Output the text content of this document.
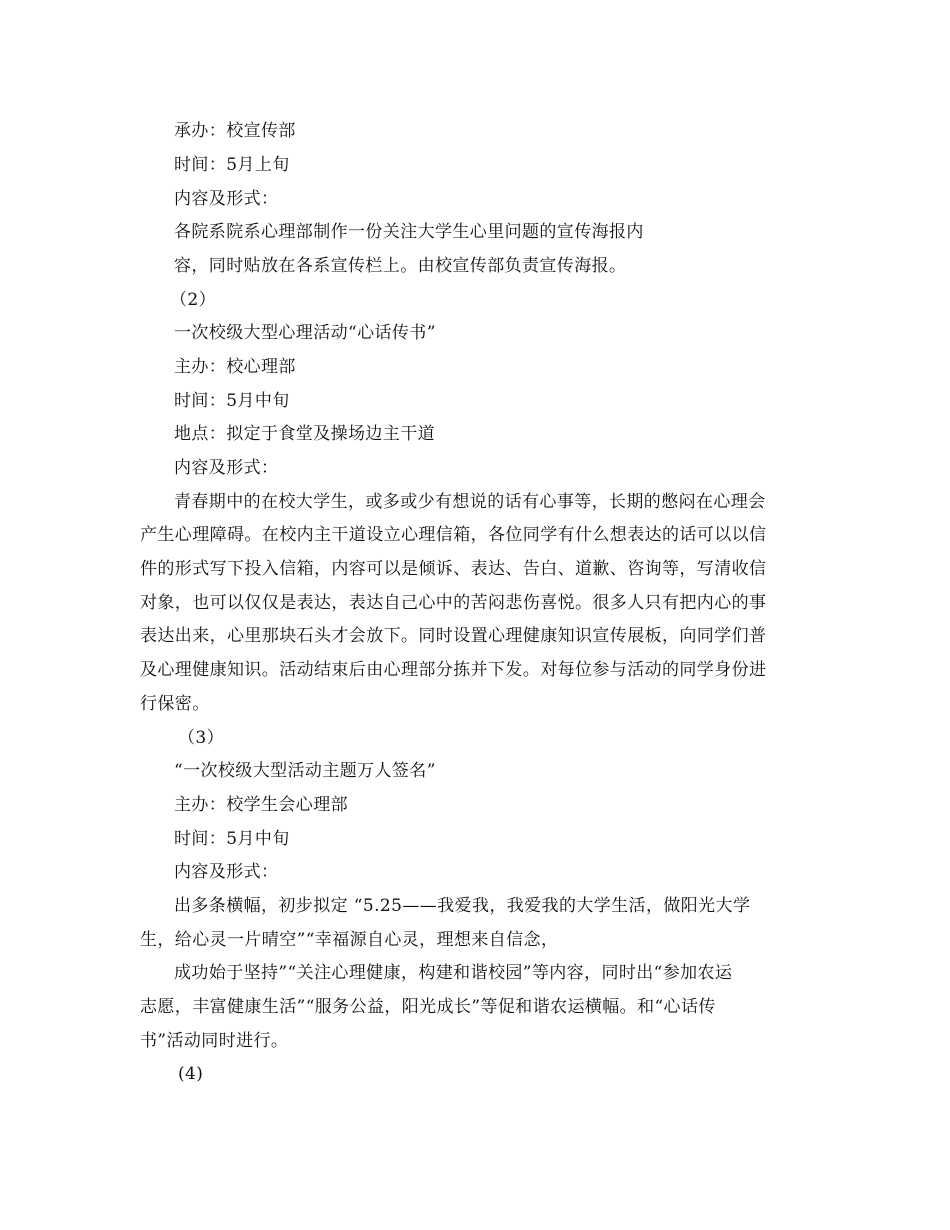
承办：校宣传部
时间：5月上旬
内容及形式：
各院系院系心理部制作一份关注大学生心里问题的宣传海报内
容，同时贴放在各系宣传栏上。由校宣传部负责宣传海报。
（2）
一次校级大型心理活动“心话传书”
主办：校心理部
时间：5月中旬
地点：拟定于食堂及操场边主干道
内容及形式：
青春期中的在校大学生，或多或少有想说的话有心事等，长期的憋闷在心理会
产生心理障碍。在校内主干道设立心理信箱，各位同学有什么想表达的话可以以信
件的形式写下投入信箱，内容可以是倾诉、表达、告白、道歉、咨询等，写清收信
对象，也可以仅仅是表达，表达自己心中的苦闷悲伤喜悦。很多人只有把内心的事
表达出来，心里那块石头才会放下。同时设置心理健康知识宣传展板，向同学们普
及心理健康知识。活动结束后由心理部分拣并下发。对每位参与活动的同学身份进
行保密。
（3）
“一次校级大型活动主题万人签名”
主办：校学生会心理部
时间：5月中旬
内容及形式：
出多条横幅，初步拟定 “5.25——我爱我，我爱我的大学生活，做阳光大学
生，给心灵一片晴空”“幸福源自心灵，理想来自信念，
成功始于坚持”“关注心理健康，构建和谐校园”等内容，同时出“参加农运
志愿，丰富健康生活”“服务公益，阳光成长”等促和谐农运横幅。和“心话传
书”活动同时进行。
(4)
